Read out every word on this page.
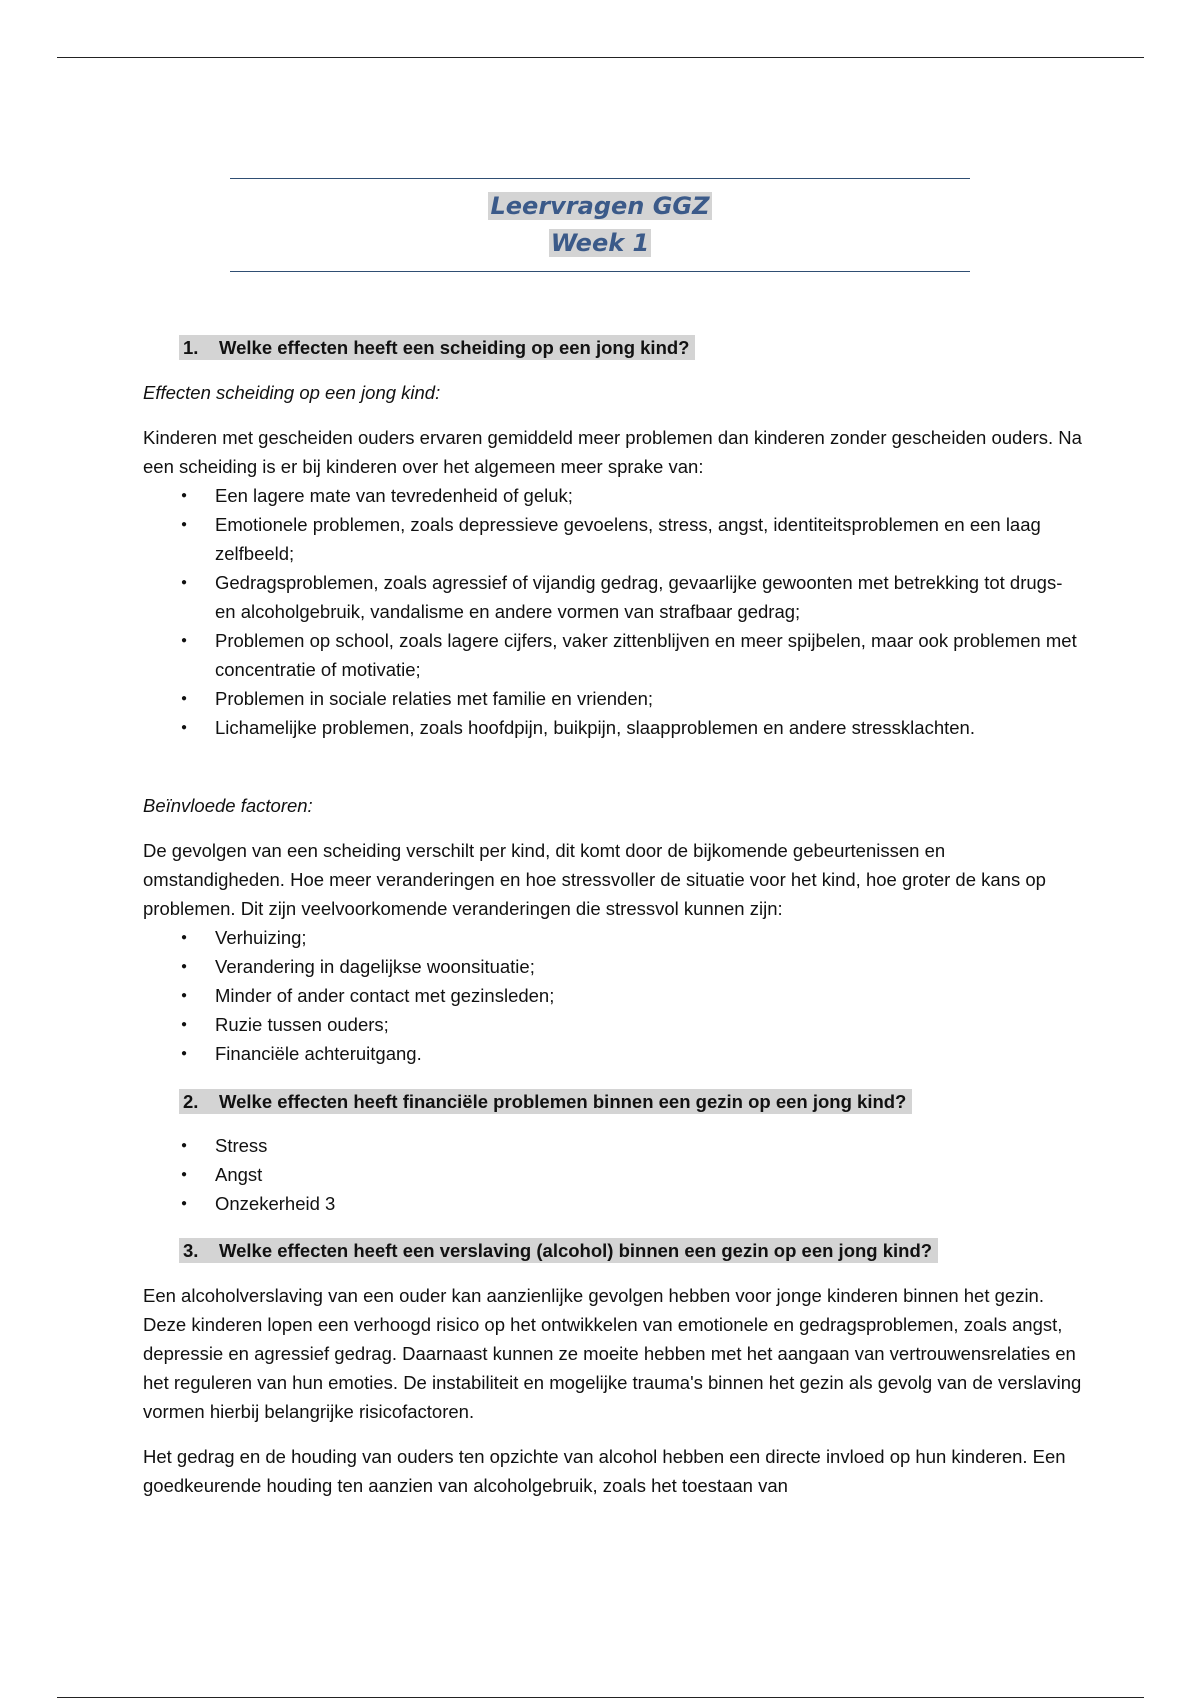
Leervragen GGZ
Week 1
1. Welke effecten heeft een scheiding op een jong kind?
Effecten scheiding op een jong kind:

Kinderen met gescheiden ouders ervaren gemiddeld meer problemen dan kinderen zonder gescheiden ouders. Na een scheiding is er bij kinderen over het algemeen meer sprake van:

● Een lagere mate van tevredenheid of geluk;
● Emotionele problemen, zoals depressieve gevoelens, stress, angst, identiteitsproblemen en een laag zelfbeeld;
● Gedragsproblemen, zoals agressief of vijandig gedrag, gevaarlijke gewoonten met betrekking tot drugs- en alcoholgebruik, vandalisme en andere vormen van strafbaar gedrag;
● Problemen op school, zoals lagere cijfers, vaker zittenblijven en meer spijbelen, maar ook problemen met concentratie of motivatie;
● Problemen in sociale relaties met familie en vrienden;
● Lichamelijke problemen, zoals hoofdpijn, buikpijn, slaapproblemen en andere stressklachten.
Beïnvloede factoren:

De gevolgen van een scheiding verschilt per kind, dit komt door de bijkomende gebeurtenissen en omstandigheden. Hoe meer veranderingen en hoe stressvoller de situatie voor het kind, hoe groter de kans op problemen. Dit zijn veelvoorkomende veranderingen die stressvol kunnen zijn:

● Verhuizing;
● Verandering in dagelijkse woonsituatie;
● Minder of ander contact met gezinsleden;
● Ruzie tussen ouders;
● Financiële achteruitgang.
2. Welke effecten heeft financiële problemen binnen een gezin op een jong kind?
● Stress
● Angst
● Onzekerheid 3
3. Welke effecten heeft een verslaving (alcohol) binnen een gezin op een jong kind?

Een alcoholverslaving van een ouder kan aanzienlijke gevolgen hebben voor jonge kinderen binnen het gezin. Deze kinderen lopen een verhoogd risico op het ontwikkelen van emotionele en gedragsproblemen, zoals angst, depressie en agressief gedrag. Daarnaast kunnen ze moeite hebben met het aangaan van vertrouwensrelaties en het reguleren van hun emoties. De instabiliteit en mogelijke trauma's binnen het gezin als gevolg van de verslaving vormen hierbij belangrijke risicofactoren.

Het gedrag en de houding van ouders ten opzichte van alcohol hebben een directe invloed op hun kinderen. Een goedkeurende houding ten aanzien van alcoholgebruik, zoals het toestaan van
